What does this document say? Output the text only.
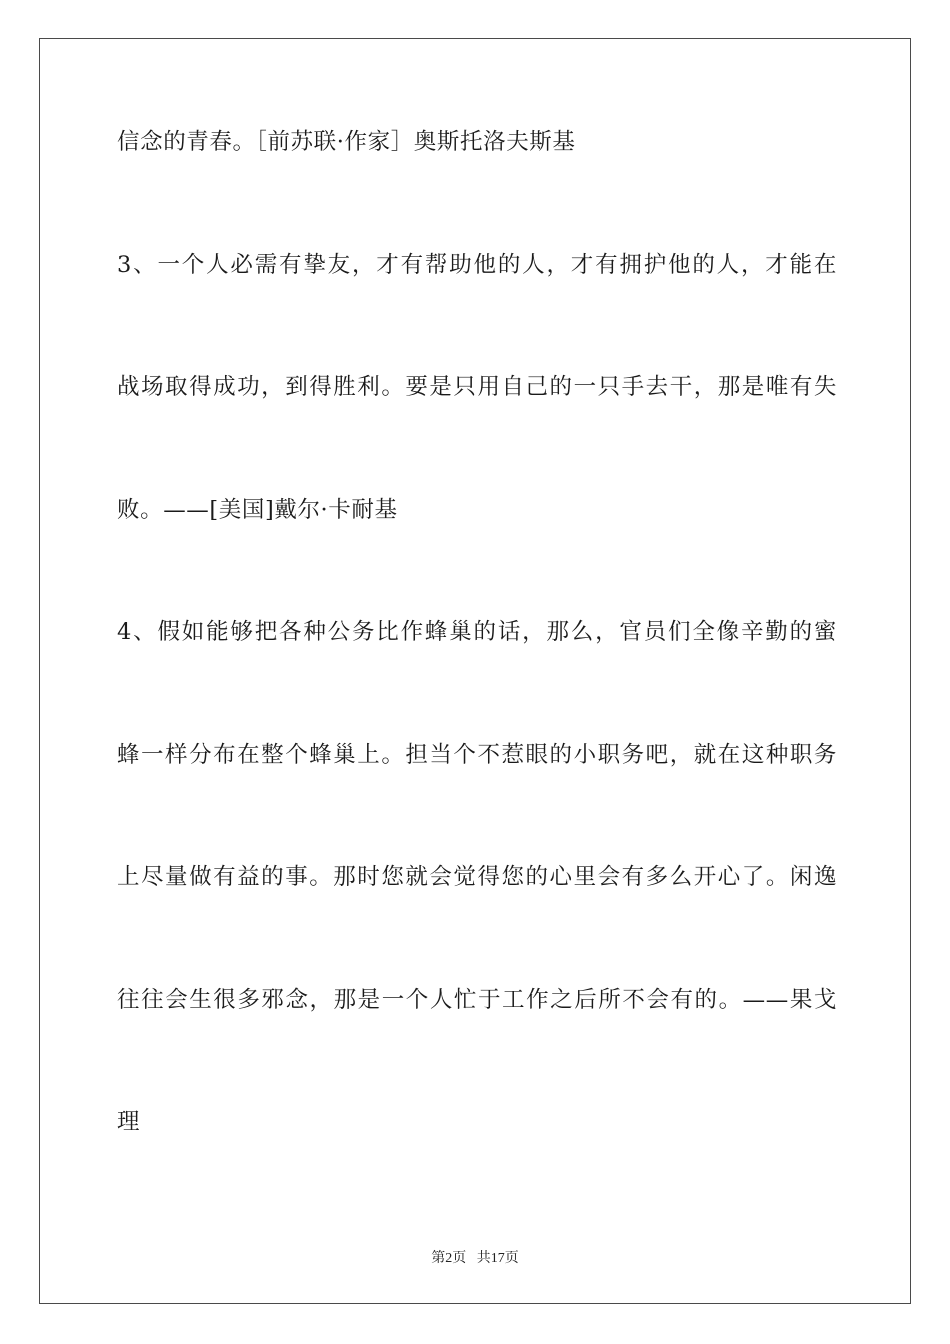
信念的青春。［前苏联·作家］奥斯托洛夫斯基
3、一个人必需有挚友，才有帮助他的人，才有拥护他的人，才能在
战场取得成功，到得胜利。要是只用自己的一只手去干，那是唯有失
败。——[美国]戴尔·卡耐基
4、假如能够把各种公务比作蜂巢的话，那么，官员们全像辛勤的蜜
蜂一样分布在整个蜂巢上。担当个不惹眼的小职务吧，就在这种职务
上尽量做有益的事。那时您就会觉得您的心里会有多么开心了。闲逸
往往会生很多邪念，那是一个人忙于工作之后所不会有的。——果戈
理
第2页   共17页
